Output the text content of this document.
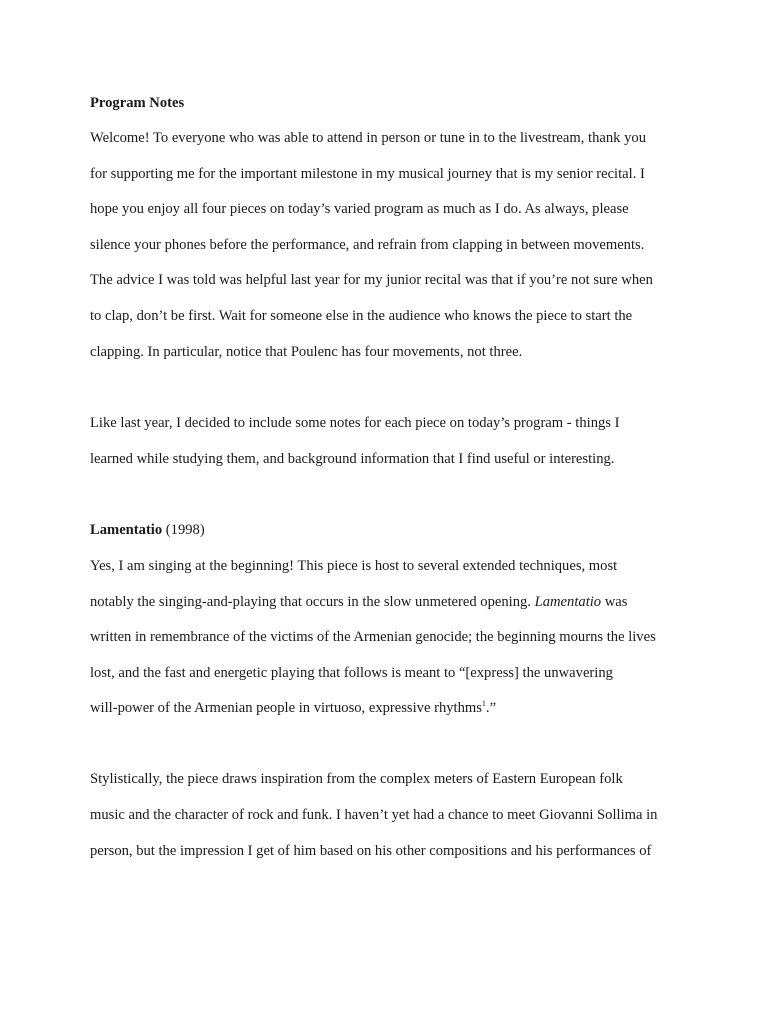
Program Notes

Welcome! To everyone who was able to attend in person or tune in to the livestream, thank you

for supporting me for the important milestone in my musical journey that is my senior recital. I

hope you enjoy all four pieces on today’s varied program as much as I do. As always, please

silence your phones before the performance, and refrain from clapping in between movements.

The advice I was told was helpful last year for my junior recital was that if you’re not sure when

to clap, don’t be first. Wait for someone else in the audience who knows the piece to start the

clapping. In particular, notice that Poulenc has four movements, not three.

Like last year, I decided to include some notes for each piece on today’s program - things I

learned while studying them, and background information that I find useful or interesting.

Lamentatio (1998)

Yes, I am singing at the beginning! This piece is host to several extended techniques, most

notably the singing-and-playing that occurs in the slow unmetered opening. Lamentatio was

written in remembrance of the victims of the Armenian genocide; the beginning mourns the lives

lost, and the fast and energetic playing that follows is meant to “[express] the unwavering

will-power of the Armenian people in virtuoso, expressive rhythms$^1$.”

Stylistically, the piece draws inspiration from the complex meters of Eastern European folk

music and the character of rock and funk. I haven’t yet had a chance to meet Giovanni Sollima in

person, but the impression I get of him based on his other compositions and his performances of
